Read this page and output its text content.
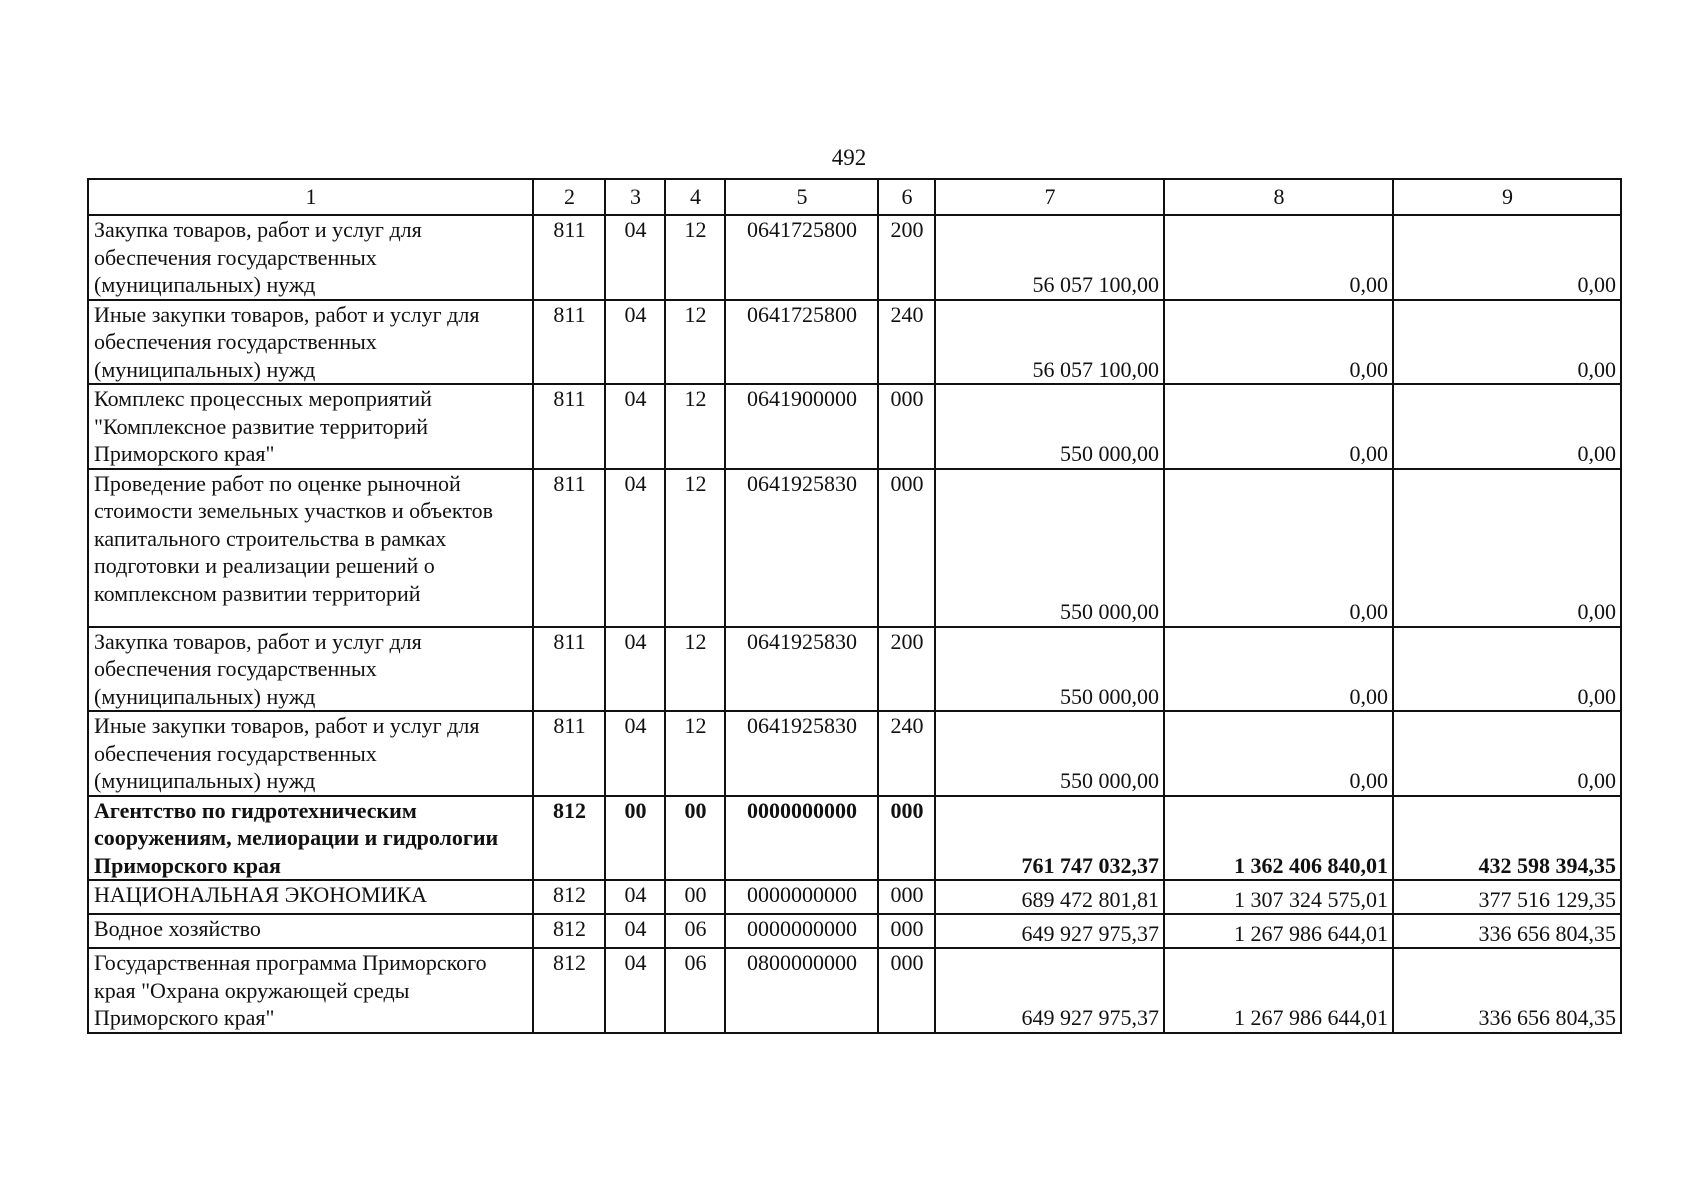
492
1	2	3	4	5	6	7	8	9
Закупка товаров, работ и услуг для обеспечения государственных (муниципальных) нужд	811	04	12	0641725800	200	56 057 100,00	0,00	0,00
Иные закупки товаров, работ и услуг для обеспечения государственных (муниципальных) нужд	811	04	12	0641725800	240	56 057 100,00	0,00	0,00
Комплекс процессных мероприятий "Комплексное развитие территорий Приморского края"	811	04	12	0641900000	000	550 000,00	0,00	0,00
Проведение работ по оценке рыночной стоимости земельных участков и объектов капитального строительства в рамках подготовки и реализации решений о комплексном развитии территорий	811	04	12	0641925830	000	550 000,00	0,00	0,00
Закупка товаров, работ и услуг для обеспечения государственных (муниципальных) нужд	811	04	12	0641925830	200	550 000,00	0,00	0,00
Иные закупки товаров, работ и услуг для обеспечения государственных (муниципальных) нужд	811	04	12	0641925830	240	550 000,00	0,00	0,00
Агентство по гидротехническим сооружениям, мелиорации и гидрологии Приморского края	812	00	00	0000000000	000	761 747 032,37	1 362 406 840,01	432 598 394,35
НАЦИОНАЛЬНАЯ ЭКОНОМИКА	812	04	00	0000000000	000	689 472 801,81	1 307 324 575,01	377 516 129,35
Водное хозяйство	812	04	06	0000000000	000	649 927 975,37	1 267 986 644,01	336 656 804,35
Государственная программа Приморского края "Охрана окружающей среды Приморского края"	812	04	06	0800000000	000	649 927 975,37	1 267 986 644,01	336 656 804,35
